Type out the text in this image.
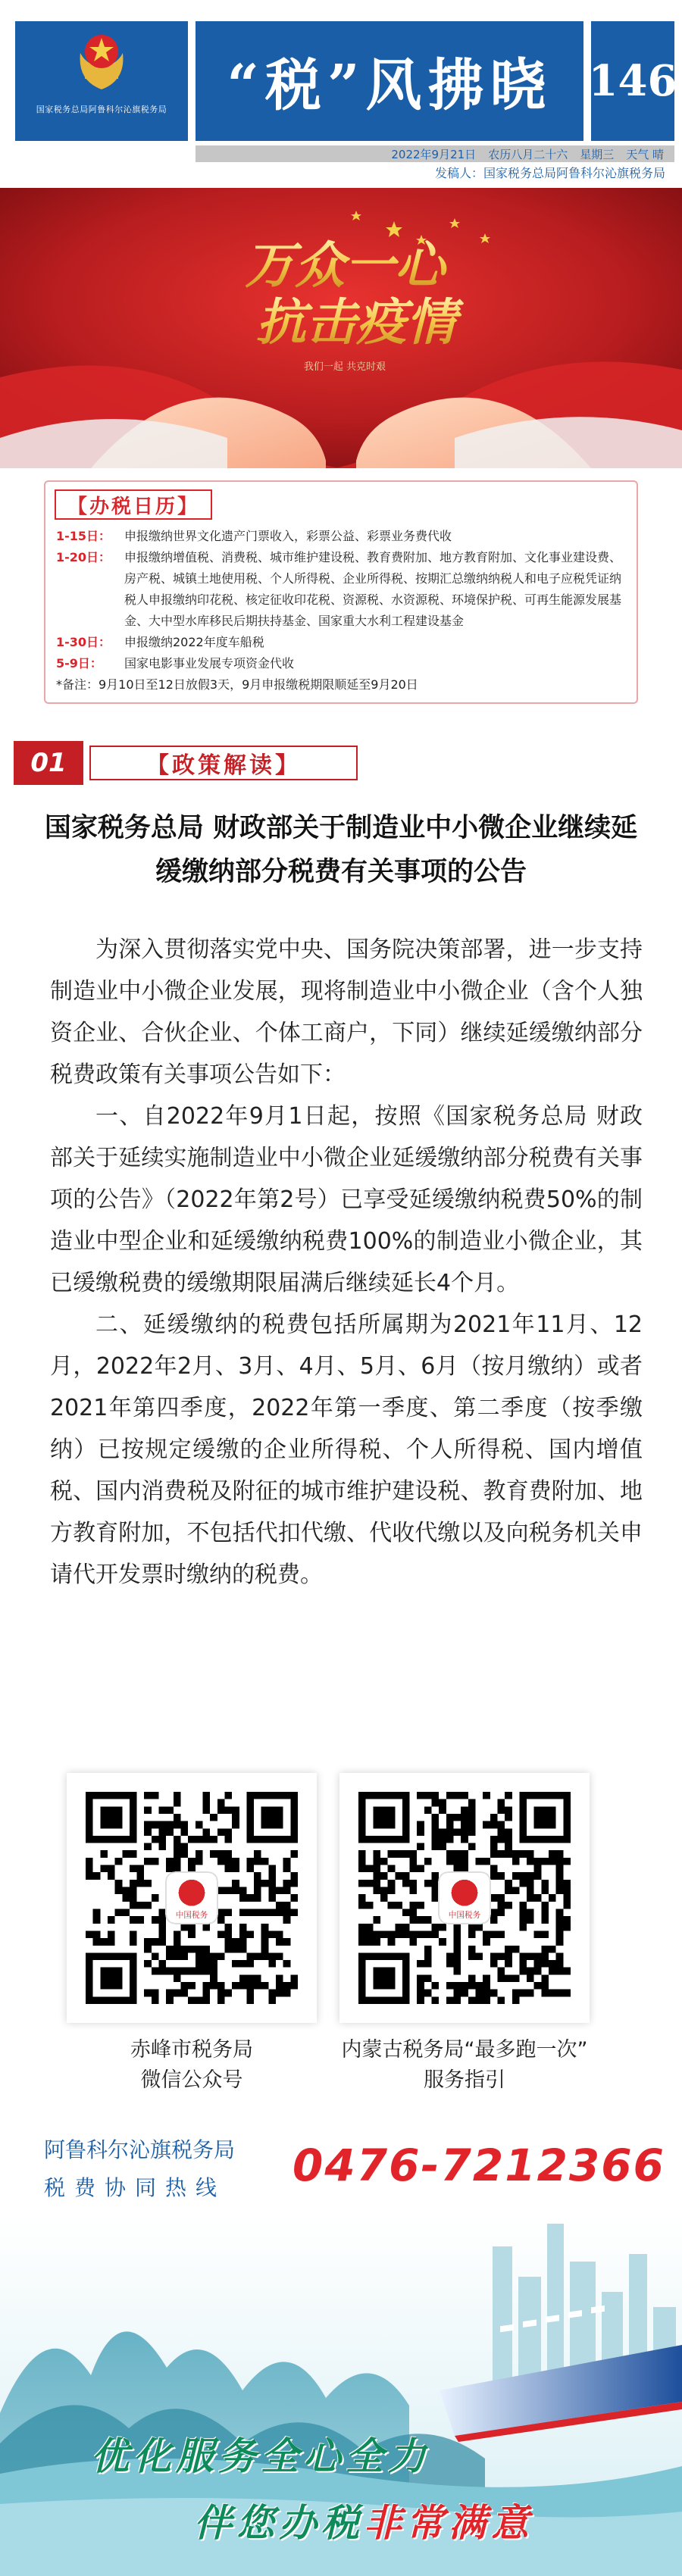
国家税务总局阿鲁科尔沁旗税务局 “税”风拂晓 146
2022年9月21日 农历八月二十六 星期三 天气 晴
发稿人：国家税务总局阿鲁科尔沁旗税务局
万众一心
抗击疫情
我们一起 共克时艰
【办税日历】
1-15日：	申报缴纳世界文化遗产门票收入，彩票公益、彩票业务费代收
1-20日：	申报缴纳增值税、消费税、城市维护建设税、教育费附加、地方教育附加、文化事业建设费、房产税、城镇土地使用税、个人所得税、企业所得税、按期汇总缴纳纳税人和电子应税凭证纳税人申报缴纳印花税、核定征收印花税、资源税、水资源税、环境保护税、可再生能源发展基金、大中型水库移民后期扶持基金、国家重大水利工程建设基金
1-30日：	申报缴纳2022年度车船税
5-9日：	国家电影事业发展专项资金代收
*备注：9月10日至12日放假3天，9月申报缴税期限顺延至9月20日
01	【政策解读】
国家税务总局 财政部关于制造业中小微企业继续延缓缴纳部分税费有关事项的公告

为深入贯彻落实党中央、国务院决策部署，进一步支持制造业中小微企业发展，现将制造业中小微企业（含个人独资企业、合伙企业、个体工商户，下同）继续延缓缴纳部分税费政策有关事项公告如下：

一、自2022年9月1日起，按照《国家税务总局 财政部关于延续实施制造业中小微企业延缓缴纳部分税费有关事项的公告》（2022年第2号）已享受延缓缴纳税费50%的制造业中型企业和延缓缴纳税费100%的制造业小微企业，其已缓缴税费的缓缴期限届满后继续延长4个月。

二、延缓缴纳的税费包括所属期为2021年11月、12月，2022年2月、3月、4月、5月、6月（按月缴纳）或者2021年第四季度，2022年第一季度、第二季度（按季缴纳）已按规定缓缴的企业所得税、个人所得税、国内增值税、国内消费税及附征的城市维护建设税、教育费附加、地方教育附加，不包括代扣代缴、代收代缴以及向税务机关申请代开发票时缴纳的税费。

中国税务	中国税务
赤峰市税务局
微信公众号
内蒙古税务局“最多跑一次”
服务指引
阿鲁科尔沁旗税务局
税费协同热线 0476-7212366
优化服务全心全力
伴您办税非常满意
